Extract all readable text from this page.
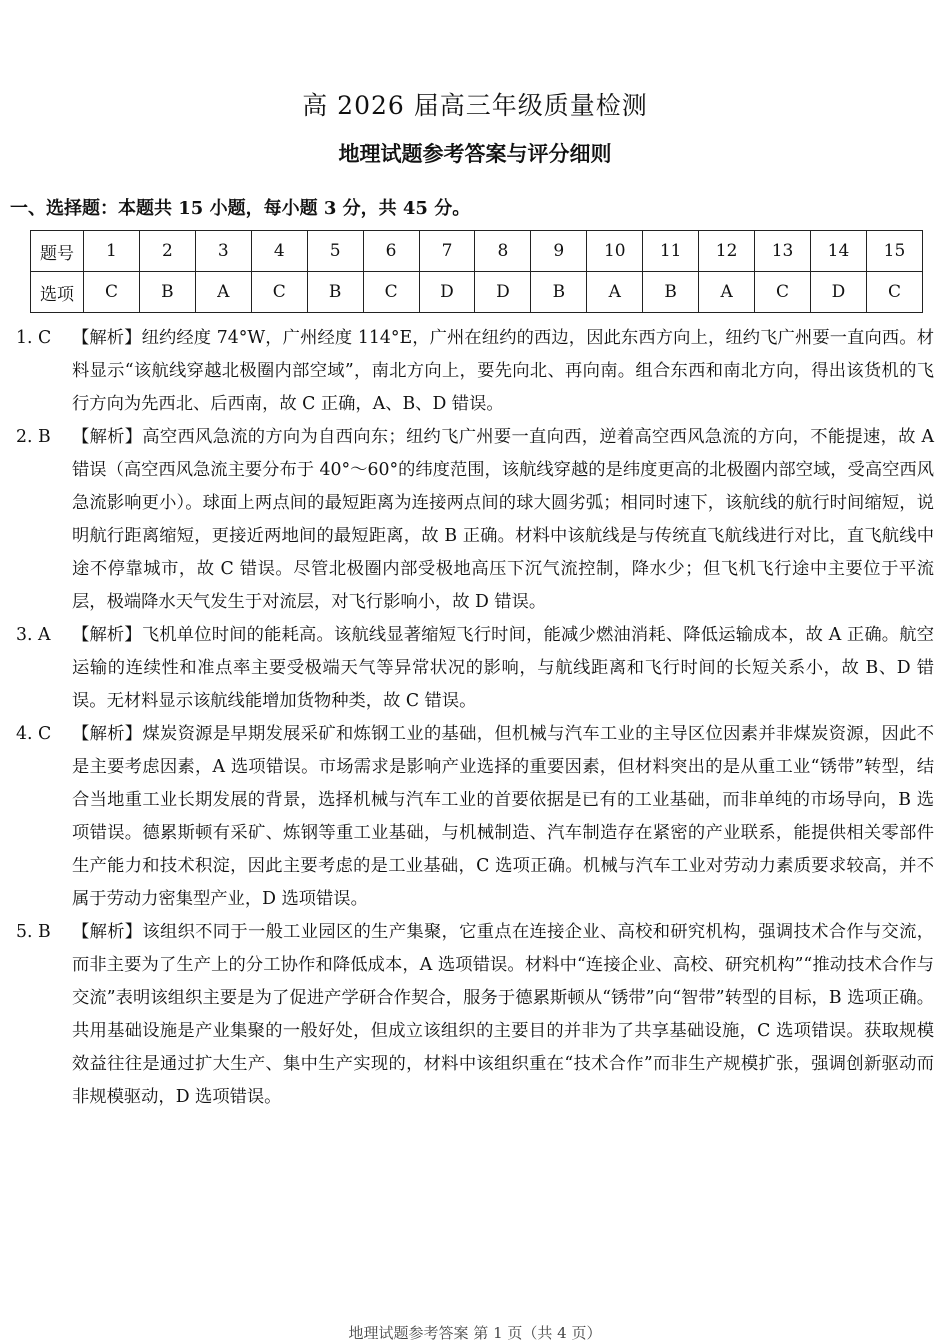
高 2026 届高三年级质量检测
地理试题参考答案与评分细则
一、选择题：本题共 15 小题，每小题 3 分，共 45 分。
题号	1	2	3	4	5	6	7	8	9	10	11	12	13	14	15
选项	C	B	A	C	B	C	D	D	B	A	B	A	C	D	C
1. C	【解析】纽约经度 74°W，广州经度 114°E，广州在纽约的西边，因此东西方向上，纽约飞广州要一直向西。材料显示“该航线穿越北极圈内部空域”，南北方向上，要先向北、再向南。组合东西和南北方向，得出该货机的飞行方向为先西北、后西南，故 C 正确，A、B、D 错误。
2. B	【解析】高空西风急流的方向为自西向东；纽约飞广州要一直向西，逆着高空西风急流的方向，不能提速，故 A 错误（高空西风急流主要分布于 40°～60°的纬度范围，该航线穿越的是纬度更高的北极圈内部空域，受高空西风急流影响更小）。球面上两点间的最短距离为连接两点间的球大圆劣弧；相同时速下，该航线的航行时间缩短，说明航行距离缩短，更接近两地间的最短距离，故 B 正确。材料中该航线是与传统直飞航线进行对比，直飞航线中途不停靠城市，故 C 错误。尽管北极圈内部受极地高压下沉气流控制，降水少；但飞机飞行途中主要位于平流层，极端降水天气发生于对流层，对飞行影响小，故 D 错误。
3. A	【解析】飞机单位时间的能耗高。该航线显著缩短飞行时间，能减少燃油消耗、降低运输成本，故 A 正确。航空运输的连续性和准点率主要受极端天气等异常状况的影响，与航线距离和飞行时间的长短关系小，故 B、D 错误。无材料显示该航线能增加货物种类，故 C 错误。
4. C	【解析】煤炭资源是早期发展采矿和炼钢工业的基础，但机械与汽车工业的主导区位因素并非煤炭资源，因此不是主要考虑因素，A 选项错误。市场需求是影响产业选择的重要因素，但材料突出的是从重工业“锈带”转型，结合当地重工业长期发展的背景，选择机械与汽车工业的首要依据是已有的工业基础，而非单纯的市场导向，B 选项错误。德累斯顿有采矿、炼钢等重工业基础，与机械制造、汽车制造存在紧密的产业联系，能提供相关零部件生产能力和技术积淀，因此主要考虑的是工业基础，C 选项正确。机械与汽车工业对劳动力素质要求较高，并不属于劳动力密集型产业，D 选项错误。
5. B	【解析】该组织不同于一般工业园区的生产集聚，它重点在连接企业、高校和研究机构，强调技术合作与交流，而非主要为了生产上的分工协作和降低成本，A 选项错误。材料中“连接企业、高校、研究机构”“推动技术合作与交流”表明该组织主要是为了促进产学研合作契合，服务于德累斯顿从“锈带”向“智带”转型的目标，B 选项正确。共用基础设施是产业集聚的一般好处，但成立该组织的主要目的并非为了共享基础设施，C 选项错误。获取规模效益往往是通过扩大生产、集中生产实现的，材料中该组织重在“技术合作”而非生产规模扩张，强调创新驱动而非规模驱动，D 选项错误。
地理试题参考答案 第 1 页（共 4 页）
